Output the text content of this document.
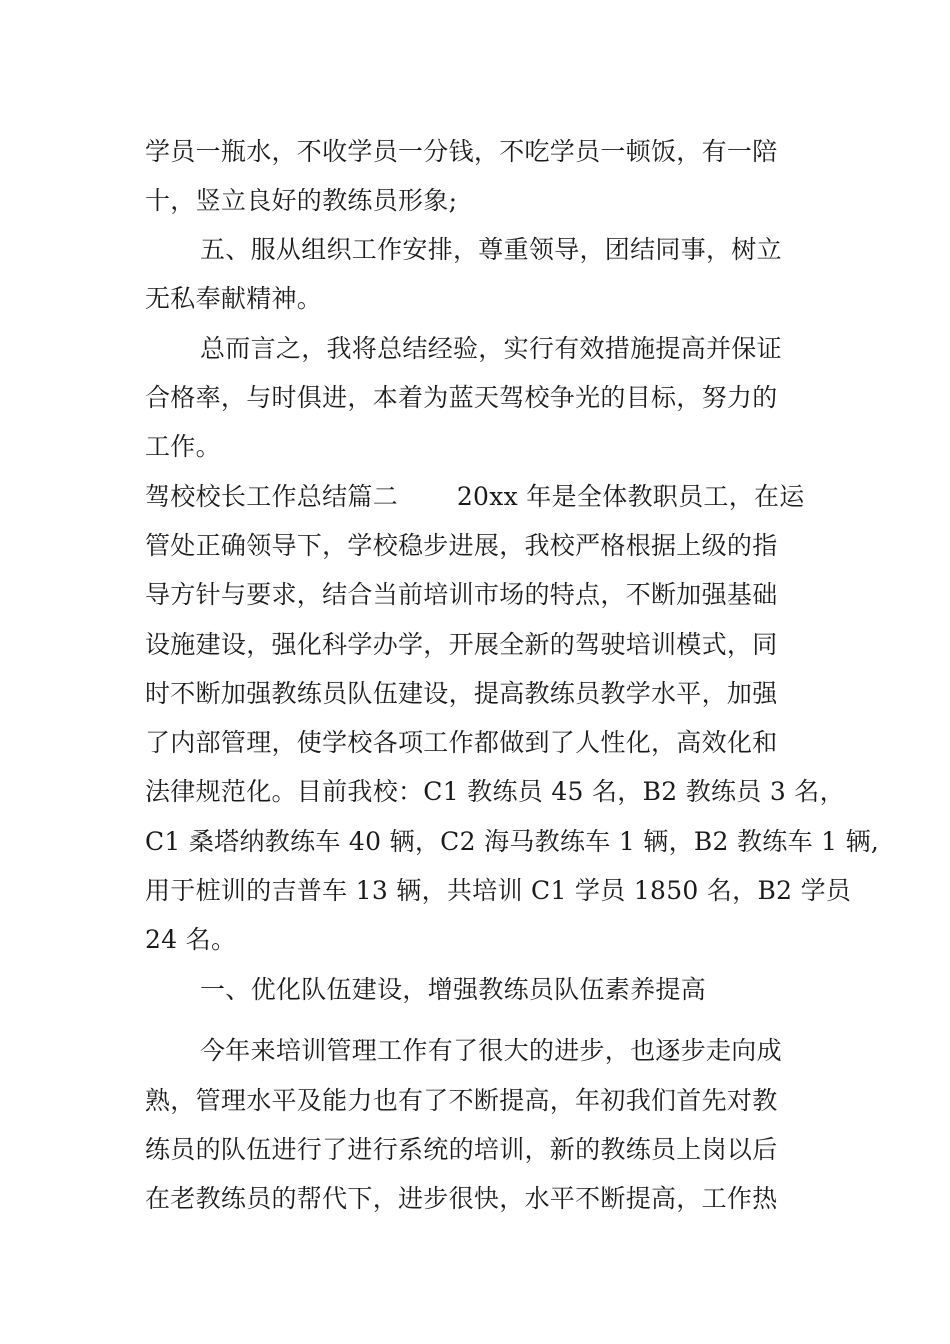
学员一瓶水，不收学员一分钱，不吃学员一顿饭，有一陪
十，竖立良好的教练员形象;
五、服从组织工作安排，尊重领导，团结同事，树立
无私奉献精神。
总而言之，我将总结经验，实行有效措施提高并保证
合格率，与时俱进，本着为蓝天驾校争光的目标，努力的
工作。
驾校校长工作总结篇二　　 20xx 年是全体教职员工，在运
管处正确领导下，学校稳步进展，我校严格根据上级的指
导方针与要求，结合当前培训市场的特点，不断加强基础
设施建设，强化科学办学，开展全新的驾驶培训模式，同
时不断加强教练员队伍建设，提高教练员教学水平，加强
了内部管理，使学校各项工作都做到了人性化，高效化和
法律规范化。目前我校：C1 教练员 45 名，B2 教练员 3 名，
C1 桑塔纳教练车 40 辆，C2 海马教练车 1 辆，B2 教练车 1 辆,
用于桩训的吉普车 13 辆，共培训 C1 学员 1850 名，B2 学员
24 名。
一、优化队伍建设，增强教练员队伍素养提高
今年来培训管理工作有了很大的进步，也逐步走向成
熟，管理水平及能力也有了不断提高，年初我们首先对教
练员的队伍进行了进行系统的培训，新的教练员上岗以后
在老教练员的帮代下，进步很快，水平不断提高，工作热
